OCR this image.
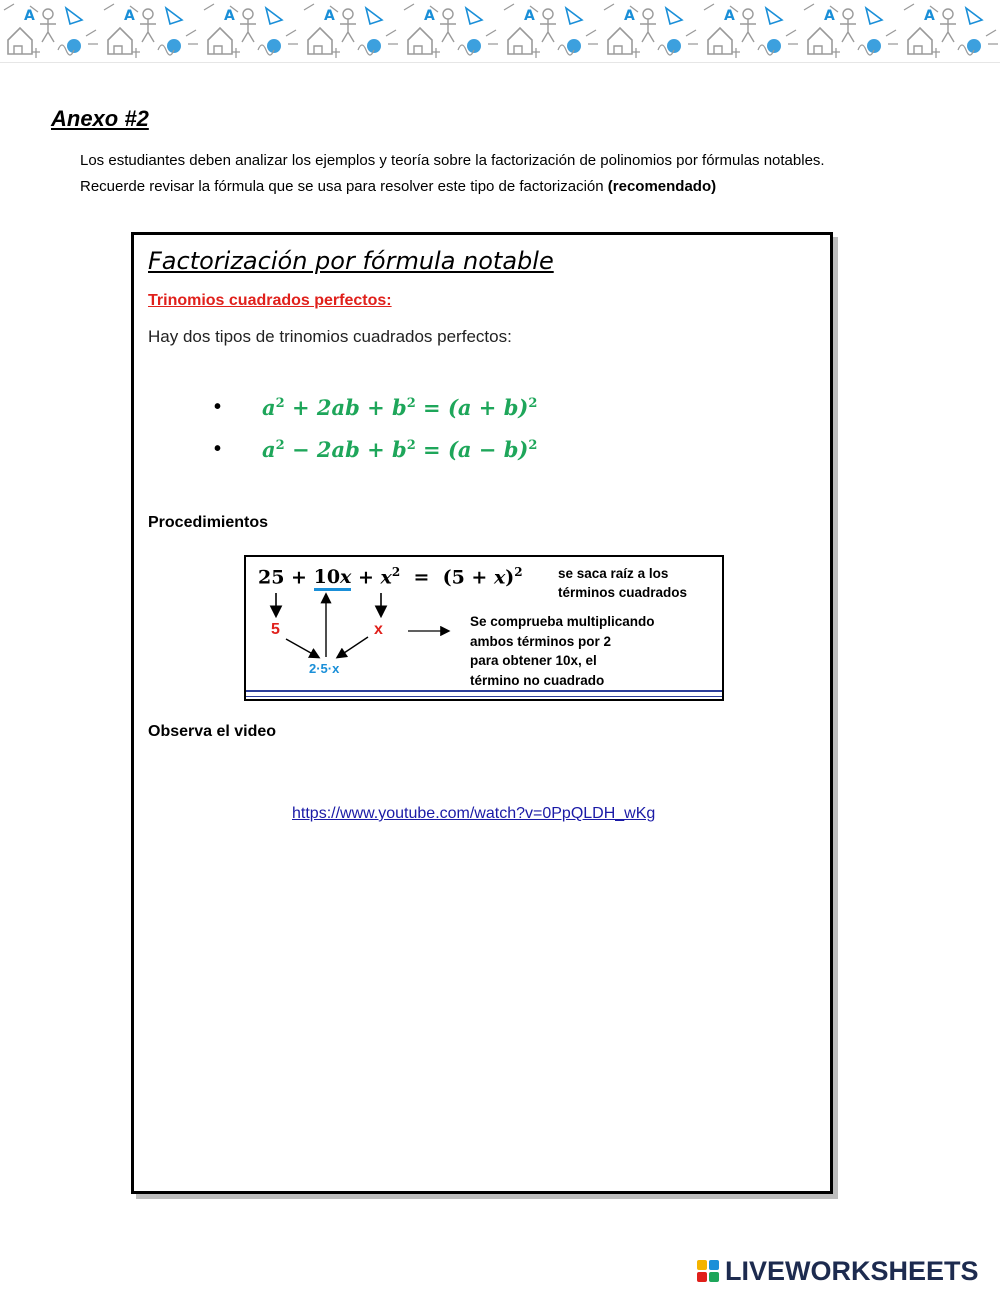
Anexo #2

Los estudiantes deben analizar los ejemplos y teoría sobre la factorización de polinomios por fórmulas notables.

Recuerde revisar la fórmula que se usa para resolver este tipo de factorización (recomendado)

Factorización por fórmula notable
Trinomios cuadrados perfectos:
Hay dos tipos de trinomios cuadrados perfectos:
•	$a^2 + 2ab + b^2 = (a + b)^2$
•	$a^2 - 2ab + b^2 = (a - b)^2$
Procedimientos
$25 + 10x + x^2 = (5 + x)^2$	se saca raíz a los términos cuadrados
5	x
2·5·x
Se comprueba multiplicando
ambos términos por 2
para obtener 10x, el
término no cuadrado
Observa el video
https://www.youtube.com/watch?v=0PpQLDH_wKg
LIVEWORKSHEETS
